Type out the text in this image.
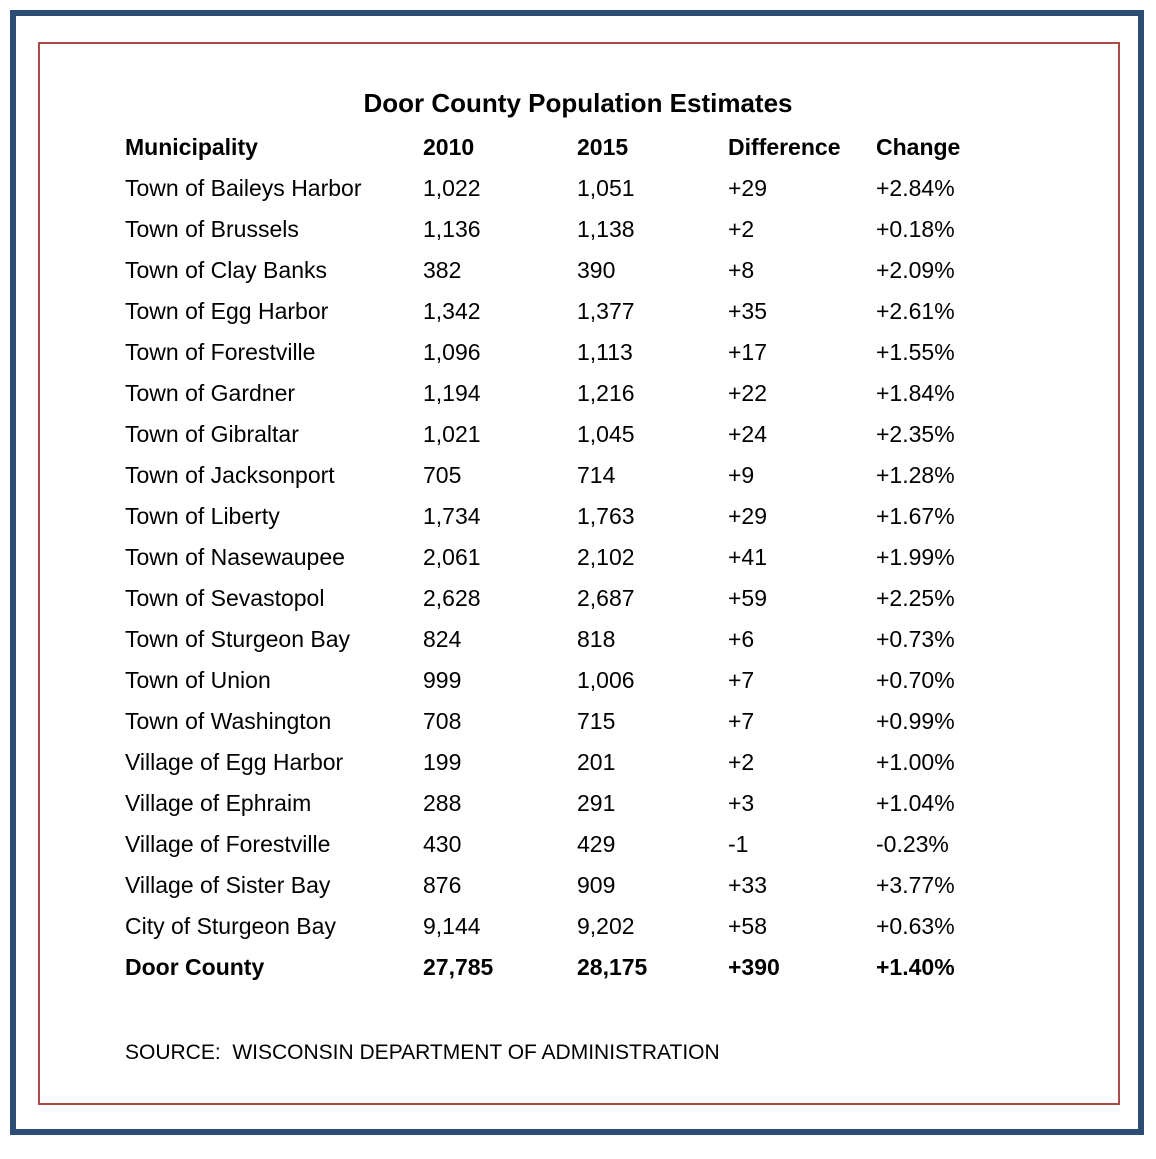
Door County Population Estimates
Municipality	2010	2015	Difference	Change
Town of Baileys Harbor	1,022	1,051	+29	+2.84%
Town of Brussels	1,136	1,138	+2	+0.18%
Town of Clay Banks	382	390	+8	+2.09%
Town of Egg Harbor	1,342	1,377	+35	+2.61%
Town of Forestville	1,096	1,113	+17	+1.55%
Town of Gardner	1,194	1,216	+22	+1.84%
Town of Gibraltar	1,021	1,045	+24	+2.35%
Town of Jacksonport	705	714	+9	+1.28%
Town of Liberty	1,734	1,763	+29	+1.67%
Town of Nasewaupee	2,061	2,102	+41	+1.99%
Town of Sevastopol	2,628	2,687	+59	+2.25%
Town of Sturgeon Bay	824	818	+6	+0.73%
Town of Union	999	1,006	+7	+0.70%
Town of Washington	708	715	+7	+0.99%
Village of Egg Harbor	199	201	+2	+1.00%
Village of Ephraim	288	291	+3	+1.04%
Village of Forestville	430	429	-1	-0.23%
Village of Sister Bay	876	909	+33	+3.77%
City of Sturgeon Bay	9,144	9,202	+58	+0.63%
Door County	27,785	28,175	+390	+1.40%
SOURCE:  WISCONSIN DEPARTMENT OF ADMINISTRATION
